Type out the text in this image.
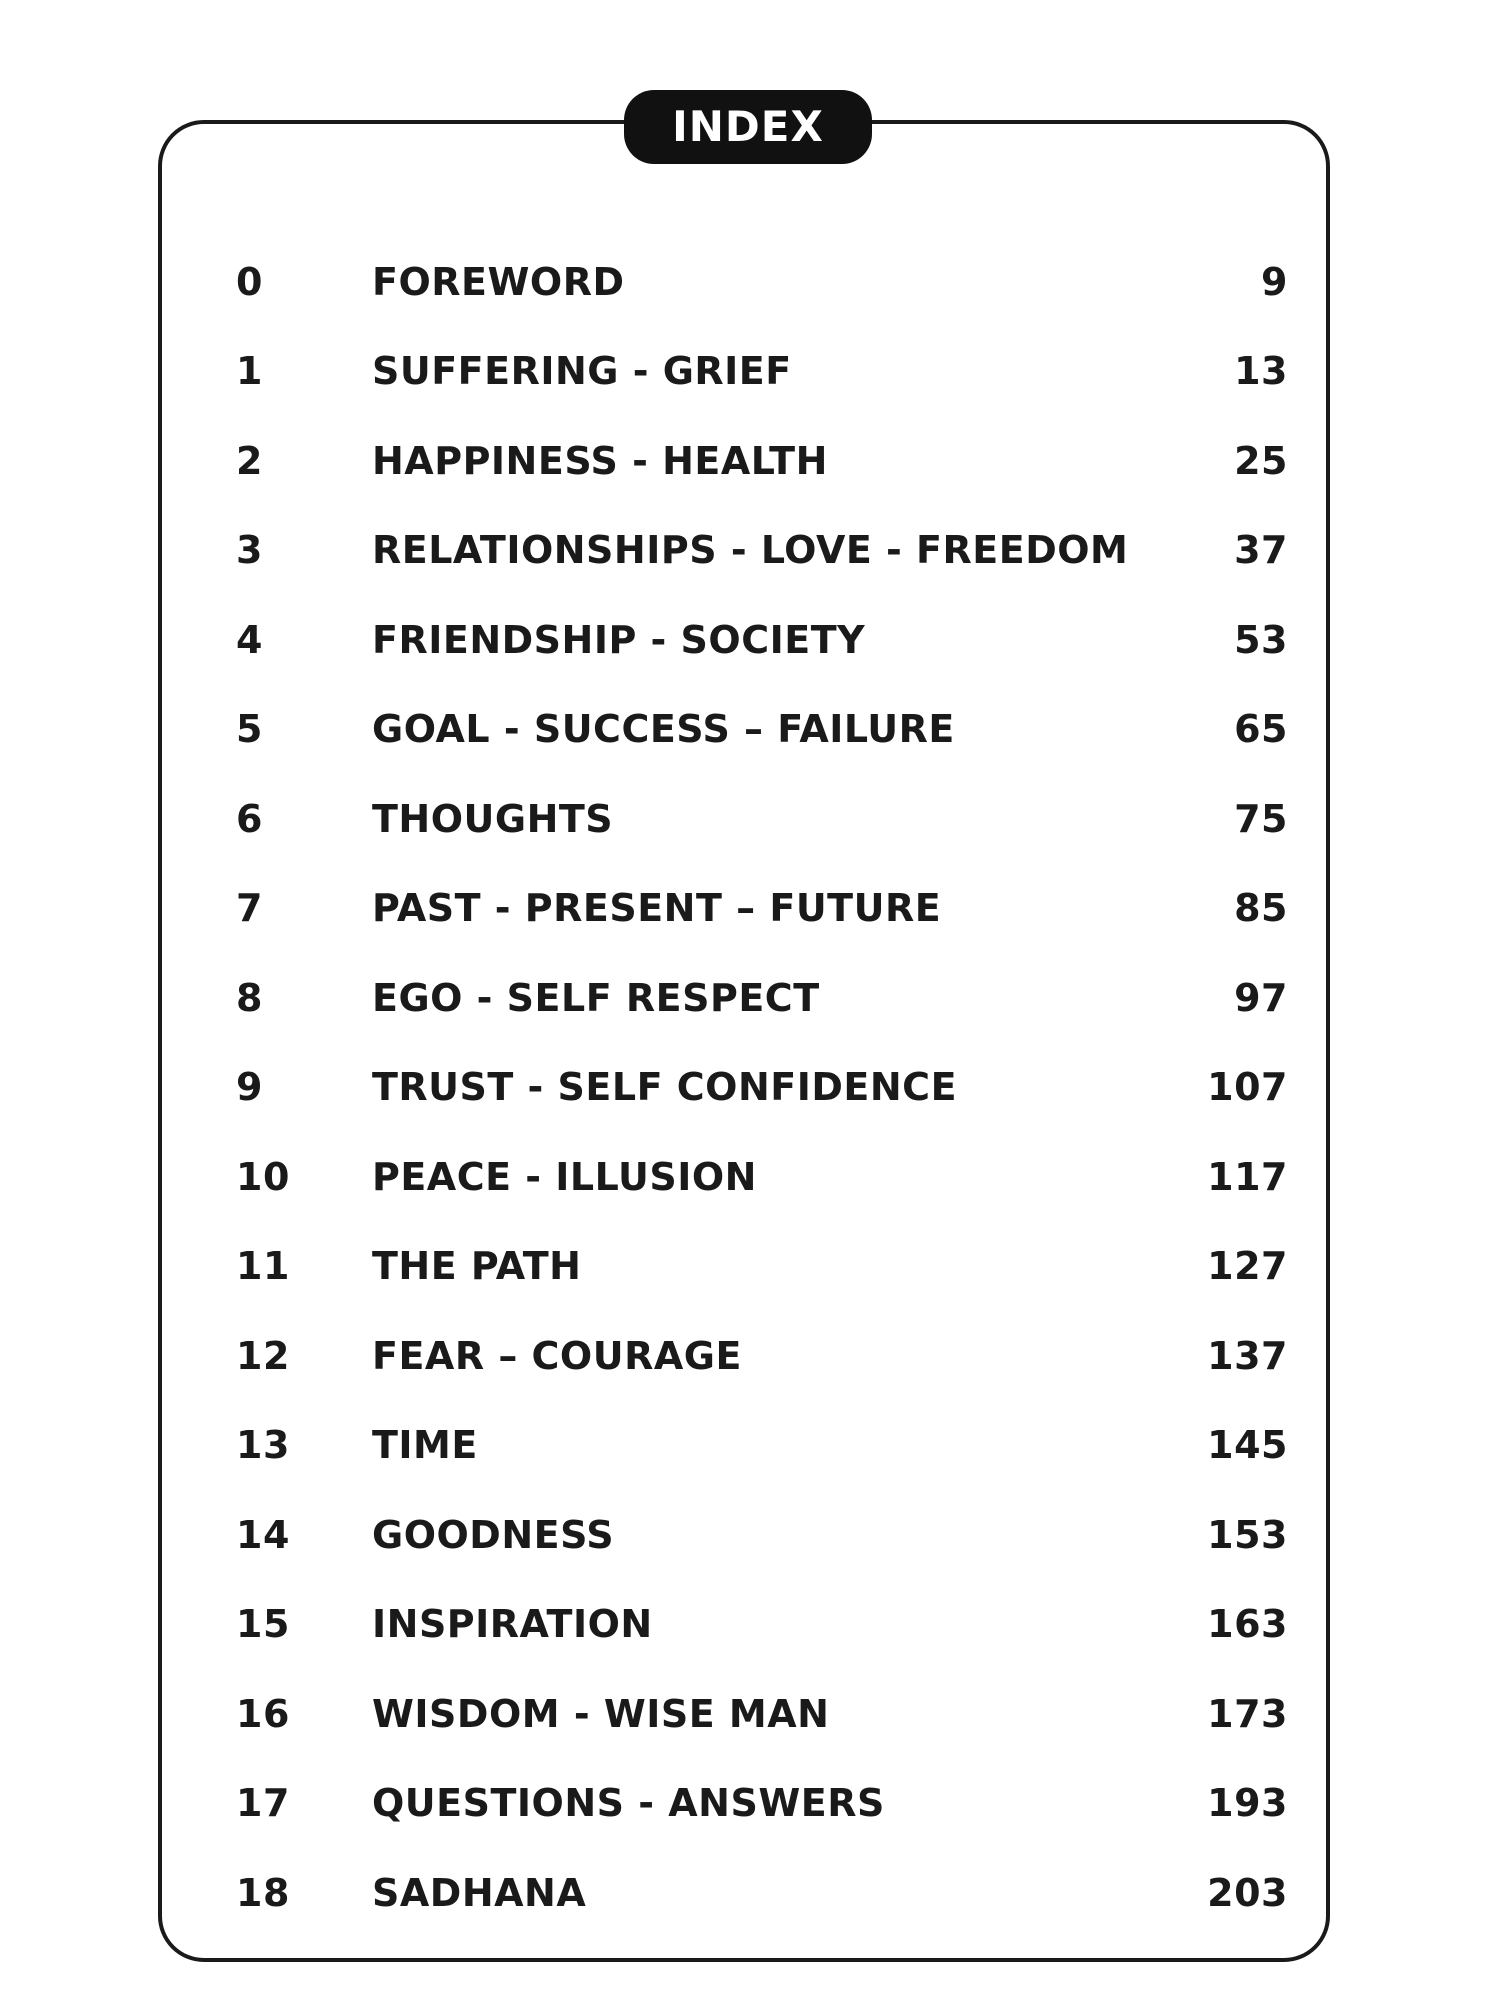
INDEX
0	FOREWORD	9
1	SUFFERING - GRIEF	13
2	HAPPINESS - HEALTH	25
3	RELATIONSHIPS - LOVE - FREEDOM	37
4	FRIENDSHIP - SOCIETY	53
5	GOAL - SUCCESS – FAILURE	65
6	THOUGHTS	75
7	PAST - PRESENT – FUTURE	85
8	EGO - SELF RESPECT	97
9	TRUST - SELF CONFIDENCE	107
10	PEACE - ILLUSION	117
11	THE PATH	127
12	FEAR – COURAGE	137
13	TIME	145
14	GOODNESS	153
15	INSPIRATION	163
16	WISDOM - WISE MAN	173
17	QUESTIONS - ANSWERS	193
18	SADHANA	203
